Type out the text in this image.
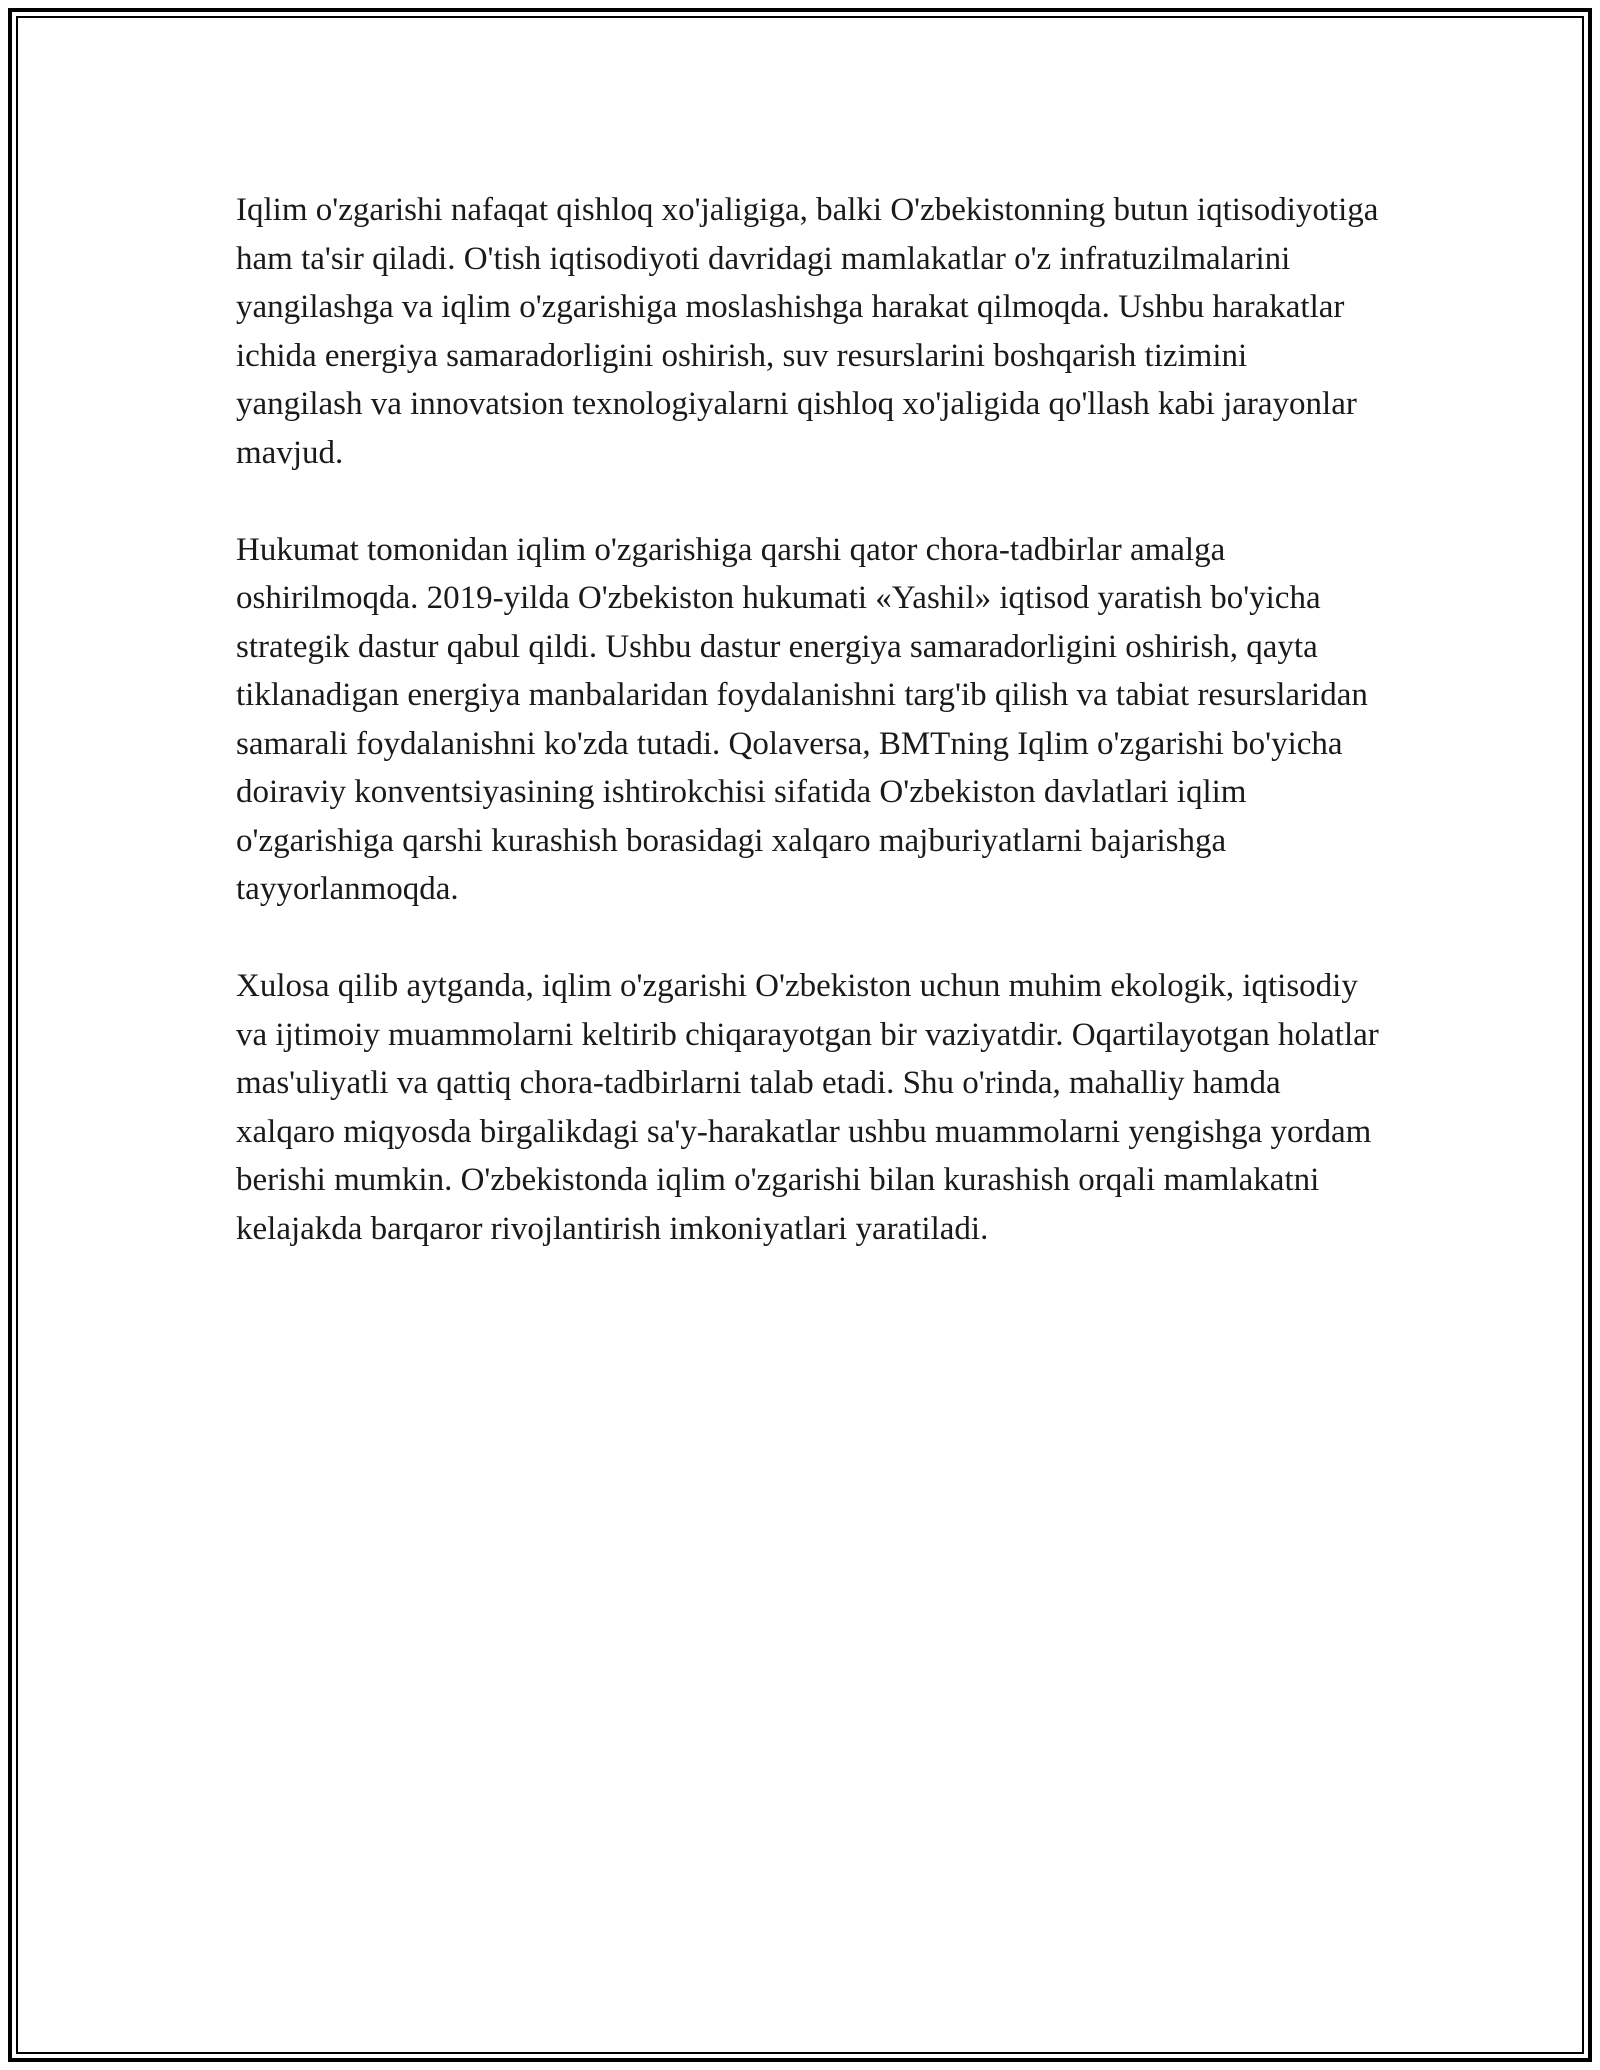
Iqlim o'zgarishi nafaqat qishloq xo'jaligiga, balki O'zbekistonning butun iqtisodiyotiga ham ta'sir qiladi. O'tish iqtisodiyoti davridagi mamlakatlar o'z infratuzilmalarini yangilashga va iqlim o'zgarishiga moslashishga harakat qilmoqda. Ushbu harakatlar ichida energiya samaradorligini oshirish, suv resurslarini boshqarish tizimini yangilash va innovatsion texnologiyalarni qishloq xo'jaligida qo'llash kabi jarayonlar mavjud.

Hukumat tomonidan iqlim o'zgarishiga qarshi qator chora-tadbirlar amalga oshirilmoqda. 2019-yilda O'zbekiston hukumati «Yashil» iqtisod yaratish bo'yicha strategik dastur qabul qildi. Ushbu dastur energiya samaradorligini oshirish, qayta tiklanadigan energiya manbalaridan foydalanishni targ'ib qilish va tabiat resurslaridan samarali foydalanishni ko'zda tutadi. Qolaversa, BMTning Iqlim o'zgarishi bo'yicha doiraviy konventsiyasining ishtirokchisi sifatida O'zbekiston davlatlari iqlim o'zgarishiga qarshi kurashish borasidagi xalqaro majburiyatlarni bajarishga tayyorlanmoqda.

Xulosa qilib aytganda, iqlim o'zgarishi O'zbekiston uchun muhim ekologik, iqtisodiy va ijtimoiy muammolarni keltirib chiqarayotgan bir vaziyatdir. Oqartilayotgan holatlar mas'uliyatli va qattiq chora-tadbirlarni talab etadi. Shu o'rinda, mahalliy hamda xalqaro miqyosda birgalikdagi sa'y-harakatlar ushbu muammolarni yengishga yordam berishi mumkin. O'zbekistonda iqlim o'zgarishi bilan kurashish orqali mamlakatni kelajakda barqaror rivojlantirish imkoniyatlari yaratiladi.
